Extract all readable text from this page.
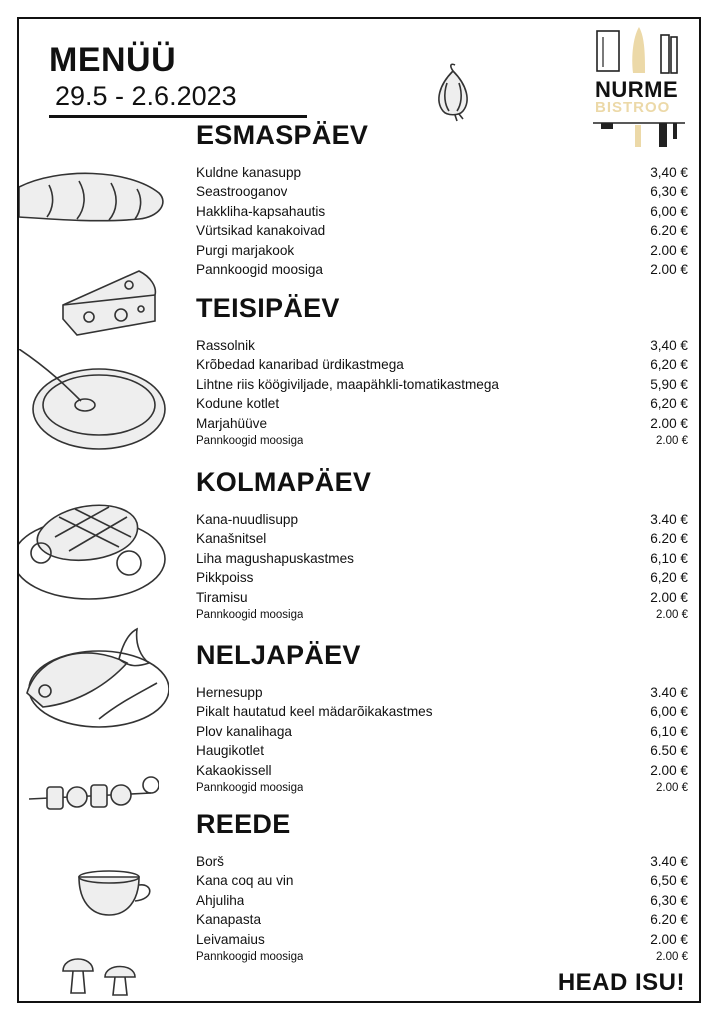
MENÜÜ
29.5 - 2.6.2023	NURME
BISTROO
ESMASPÄEV
Kuldne kanasupp	3,40 €
Seastrooganov	6,30 €
Hakkliha-kapsahautis	6,00 €
Vürtsikad kanakoivad	6.20 €
Purgi marjakook	2.00 €
Pannkoogid moosiga	2.00 €
TEISIPÄEV
Rassolnik	3,40 €
Krõbedad kanaribad ürdikastmega	6,20 €
Lihtne riis köögiviljade, maapähkli-tomatikastmega	5,90 €
Kodune kotlet	6,20 €
Marjahüüve	2.00 €
Pannkoogid moosiga	2.00 €
KOLMAPÄEV
Kana-nuudlisupp	3.40 €
Kanašnitsel	6.20 €
Liha magushapuskastmes	6,10 €
Pikkpoiss	6,20 €
Tiramisu	2.00 €
Pannkoogid moosiga	2.00 €
NELJAPÄEV
Hernesupp	3.40 €
Pikalt hautatud keel mädarõikakastmes	6,00 €
Plov kanalihaga	6,10 €
Haugikotlet	6.50 €
Kakaokissell	2.00 €
Pannkoogid moosiga	2.00 €
REEDE
Borš	3.40 €
Kana coq au vin	6,50 €
Ahjuliha	6,30 €
Kanapasta	6.20 €
Leivamaius	2.00 €
Pannkoogid moosiga	2.00 €
HEAD ISU!
